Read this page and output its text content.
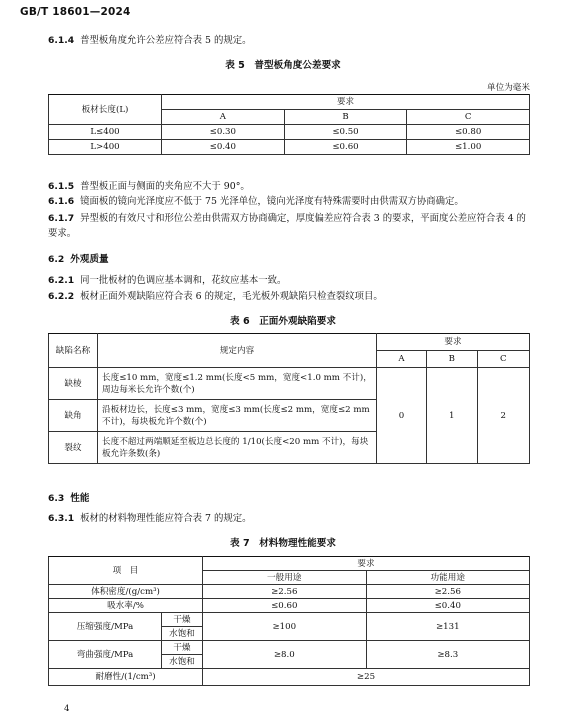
GB/T 18601—2024
6.1.4 普型板角度允许公差应符合表 5 的规定。
表 5　普型板角度公差要求
单位为毫米
板材长度(L)	要求		
	A	B	C
L≤400	≤0.30	≤0.50	≤0.80
L>400	≤0.40	≤0.60	≤1.00
6.1.5 普型板正面与侧面的夹角应不大于 90°。
6.1.6 镜面板的镜向光泽度应不低于 75 光泽单位，镜向光泽度有特殊需要时由供需双方协商确定。
6.1.7 异型板的有效尺寸和形位公差由供需双方协商确定，厚度偏差应符合表 3 的要求，平面度公差应符合表 4 的要求。
6.2 外观质量
6.2.1 同一批板材的色调应基本调和，花纹应基本一致。
6.2.2 板材正面外观缺陷应符合表 6 的规定，毛光板外观缺陷只检查裂纹项目。
表 6　正面外观缺陷要求
缺陷名称	规定内容	要求		
		A	B	C
缺棱	长度≤10 mm，宽度≤1.2 mm(长度<5 mm，宽度<1.0 mm 不计)，周边每米长允许个数(个)	0	1	2
缺角	沿板材边长，长度≤3 mm，宽度≤3 mm(长度≤2 mm，宽度≤2 mm 不计)，每块板允许个数(个)			
裂纹	长度不超过两端顺延至板边总长度的 1/10(长度<20 mm 不计)，每块板允许条数(条)			
6.3 性能
6.3.1 板材的材料物理性能应符合表 7 的规定。
表 7　材料物理性能要求
项　目		要求	
		一般用途	功能用途
体积密度/(g/cm³)		≥2.56	≥2.56
吸水率/%		≤0.60	≤0.40
压缩强度/MPa	干燥	≥100	≥131
	水饱和		
弯曲强度/MPa	干燥	≥8.0	≥8.3
	水饱和		
耐磨性/(1/cm³)		≥25	
4
